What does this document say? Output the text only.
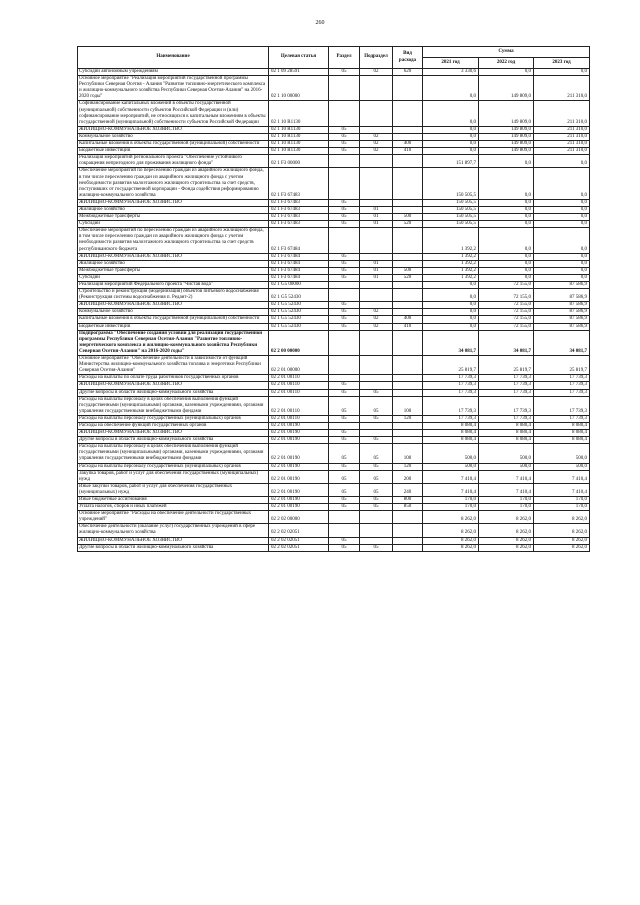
260
Наименование	Целевая статья	Раздел	Подраздел	Вид расхода	Сумма		
					2021 год	2022 год	2023 год
Субсидии автономным учреждениям	02 1 09 28591	05	02	620	3 330,6	0,0	0,0
Основное мероприятие "Реализация мероприятий государственной программы Республики Северная Осетия - Алания "Развитие топливно-энергетического комплекса и жилищно-коммунального хозяйства Республики Северная Осетия-Алания" на 2016-2020 годы"	02 1 10 00000				0,0	149 809,0	211 310,0
Софинансирование капитальных вложений в объекты государственной (муниципальной) собственности субъектов Российской Федерации и (или) софинансирование мероприятий, не относящихся к капитальным вложениям в объекты государственной (муниципальной) собственности субъектов Российской Федерации	02 1 10 R1130				0,0	149 809,0	211 310,0
ЖИЛИЩНО-КОММУНАЛЬНОЕ ХОЗЯЙСТВО	02 1 10 R1130	05			0,0	149 809,0	211 310,0
Коммунальное хозяйство	02 1 10 R1130	05	02		0,0	149 809,0	211 310,0
Капитальные вложения в объекты государственной (муниципальной) собственности	02 1 10 R1130	05	02	400	0,0	149 809,0	211 310,0
Бюджетные инвестиции	02 1 10 R1130	05	02	410	0,0	149 809,0	211 310,0
Реализация мероприятий регионального проекта "Обеспечение устойчивого сокращения непригодного для проживания жилищного фонда"	02 1 F3 00000				151 897,7	0,0	0,0
Обеспечение мероприятий по переселению граждан из аварийного жилищного фонда, в том числе переселению граждан из аварийного жилищного фонда с учетом необходимости развития малоэтажного жилищного строительства за счет средств, поступивших от государственной корпорации - Фонда содействия реформированию жилищно-коммунального хозяйства	02 1 F3 67483				150 505,5	0,0	0,0
ЖИЛИЩНО-КОММУНАЛЬНОЕ ХОЗЯЙСТВО	02 1 F3 67483	05			150 505,5	0,0	0,0
Жилищное хозяйство	02 1 F3 67483	05	01		150 505,5	0,0	0,0
Межбюджетные трансферты	02 1 F3 67483	05	01	500	150 505,5	0,0	0,0
Субсидии	02 1 F3 67483	05	01	520	150 505,5	0,0	0,0
Обеспечение мероприятий по переселению граждан из аварийного жилищного фонда, в том числе переселению граждан из аварийного жилищного фонда с учетом необходимости развития малоэтажного жилищного строительства за счет средств республиканского бюджета	02 1 F3 67484				1 392,2	0,0	0,0
ЖИЛИЩНО-КОММУНАЛЬНОЕ ХОЗЯЙСТВО	02 1 F3 67484	05			1 392,2	0,0	0,0
Жилищное хозяйство	02 1 F3 67484	05	01		1 392,2	0,0	0,0
Межбюджетные трансферты	02 1 F3 67484	05	01	500	1 392,2	0,0	0,0
Субсидии	02 1 F3 67484	05	01	520	1 392,2	0,0	0,0
Реализация мероприятий Федерального проекта "Чистая вода"	02 1 G5 00000				0,0	72 155,0	87 586,9
Строительство и реконструкция (модернизация) объектов питьевого водоснабжения (Реконструкция системы водоснабжения п. Редант-2)	02 1 G5 52430				0,0	72 155,0	87 586,9
ЖИЛИЩНО-КОММУНАЛЬНОЕ ХОЗЯЙСТВО	02 1 G5 52430	05			0,0	72 155,0	87 586,9
Коммунальное хозяйство	02 1 G5 52430	05	02		0,0	72 155,0	87 586,9
Капитальные вложения в объекты государственной (муниципальной) собственности	02 1 G5 52430	05	02	400	0,0	72 155,0	87 586,9
Бюджетные инвестиции	02 1 G5 52430	05	02	410	0,0	72 155,0	87 586,9
Подпрограмма "Обеспечение создания условий для реализации государственной программы Республики Северная Осетия-Алания "Развитие топливно-энергетического комплекса и жилищно-коммунального хозяйства Республики Северная Осетия-Алания" на 2016-2020 годы"	02 2 00 00000				34 081,7	34 081,7	34 081,7
Основное мероприятие "Обеспечение деятельности в зависимости от функций Министерства жилищно-коммунального хозяйства топлива и энергетики Республики Северная Осетия-Алания"	02 2 01 00000				25 819,7	25 819,7	25 819,7
Расходы на выплаты по оплате труда работников государственных органов	02 2 01 00110				17 739,3	17 739,3	17 739,3
ЖИЛИЩНО-КОММУНАЛЬНОЕ ХОЗЯЙСТВО	02 2 01 00110	05			17 739,3	17 739,3	17 739,3
Другие вопросы в области жилищно-коммунального хозяйства	02 2 01 00110	05	05		17 739,3	17 739,3	17 739,3
Расходы на выплаты персоналу в целях обеспечения выполнения функций государственными (муниципальными) органами, казенными учреждениями, органами управления государственными внебюджетными фондами	02 2 01 00110	05	05	100	17 739,3	17 739,3	17 739,3
Расходы на выплаты персоналу государственных (муниципальных) органов	02 2 01 00110	05	05	120	17 739,3	17 739,3	17 739,3
Расходы на обеспечение функций государственных органов	02 2 01 00190				8 080,4	8 080,4	8 080,4
ЖИЛИЩНО-КОММУНАЛЬНОЕ ХОЗЯЙСТВО	02 2 01 00190	05			8 080,4	8 080,4	8 080,4
Другие вопросы в области жилищно-коммунального хозяйства	02 2 01 00190	05	05		8 080,4	8 080,4	8 080,4
Расходы на выплаты персоналу в целях обеспечения выполнения функций государственными (муниципальными) органами, казенными учреждениями, органами управления государственными внебюджетными фондами	02 2 01 00190	05	05	100	500,0	500,0	500,0
Расходы на выплаты персоналу государственных (муниципальных) органов	02 2 01 00190	05	05	120	500,0	500,0	500,0
Закупка товаров, работ и услуг для обеспечения государственных (муниципальных) нужд	02 2 01 00190	05	05	200	7 410,4	7 410,4	7 410,4
Иные закупки товаров, работ и услуг для обеспечения государственных (муниципальных) нужд	02 2 01 00190	05	05	240	7 410,4	7 410,4	7 410,4
Иные бюджетные ассигнования	02 2 01 00190	05	05	800	170,0	170,0	170,0
Уплата налогов, сборов и иных платежей	02 2 01 00190	05	05	850	170,0	170,0	170,0
Основное мероприятие "Расходы на обеспечение деятельности государственных учреждений"	02 2 02 00000				8 262,0	8 262,0	8 262,0
Обеспечение деятельности (оказание услуг) государственных учреждений в сфере жилищно-коммунального хозяйства	02 2 02 02051				8 262,0	8 262,0	8 262,0
ЖИЛИЩНО-КОММУНАЛЬНОЕ ХОЗЯЙСТВО	02 2 02 02051	05			8 262,0	8 262,0	8 262,0
Другие вопросы в области жилищно-коммунального хозяйства	02 2 02 02051	05	05		8 262,0	8 262,0	8 262,0
